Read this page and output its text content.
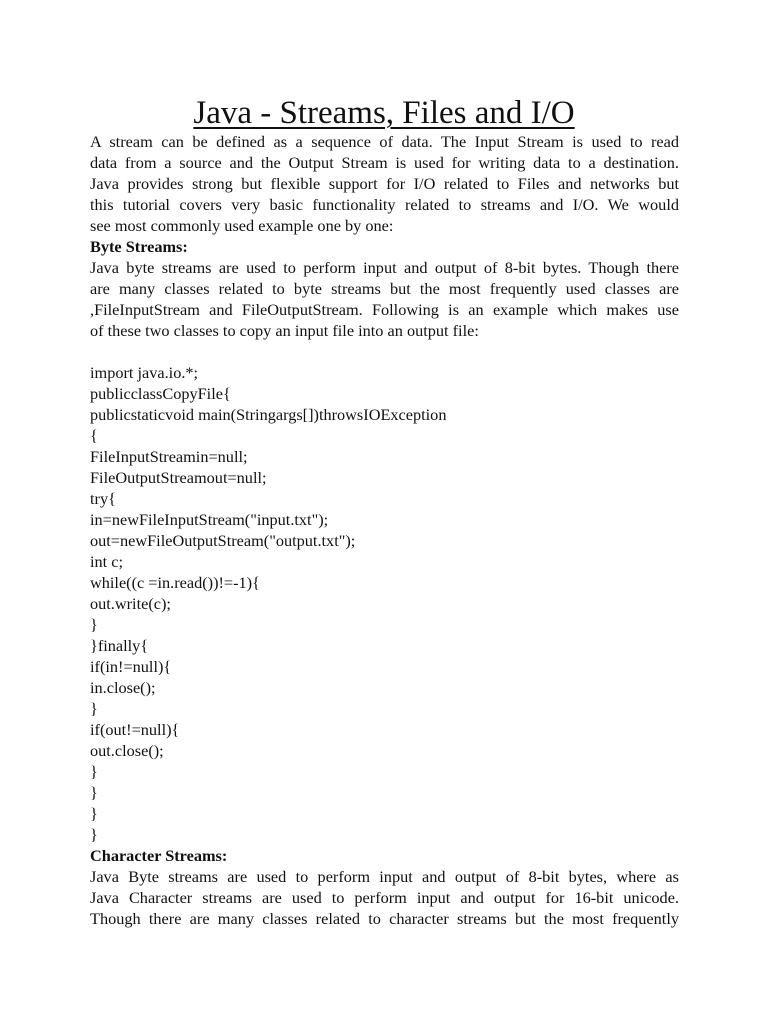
Java - Streams, Files and I/O

A stream can be defined as a sequence of data. The Input Stream is used to read
data from a source and the Output Stream is used for writing data to a destination.
Java provides strong but flexible support for I/O related to Files and networks but
this tutorial covers very basic functionality related to streams and I/O. We would
see most commonly used example one by one:

Byte Streams:

Java byte streams are used to perform input and output of 8-bit bytes. Though there
are many classes related to byte streams but the most frequently used classes are
,FileInputStream and FileOutputStream. Following is an example which makes use
of these two classes to copy an input file into an output file:

import java.io.*;
publicclassCopyFile{
publicstaticvoid main(Stringargs[])throwsIOException
{
FileInputStreamin=null;
FileOutputStreamout=null;
try{
in=newFileInputStream("input.txt");
out=newFileOutputStream("output.txt");
int c;
while((c =in.read())!=-1){
out.write(c);
}
}finally{
if(in!=null){
in.close();
}
if(out!=null){
out.close();
}
}
}
}

Character Streams:

Java Byte streams are used to perform input and output of 8-bit bytes, where as
Java Character streams are used to perform input and output for 16-bit unicode.
Though there are many classes related to character streams but the most frequently
